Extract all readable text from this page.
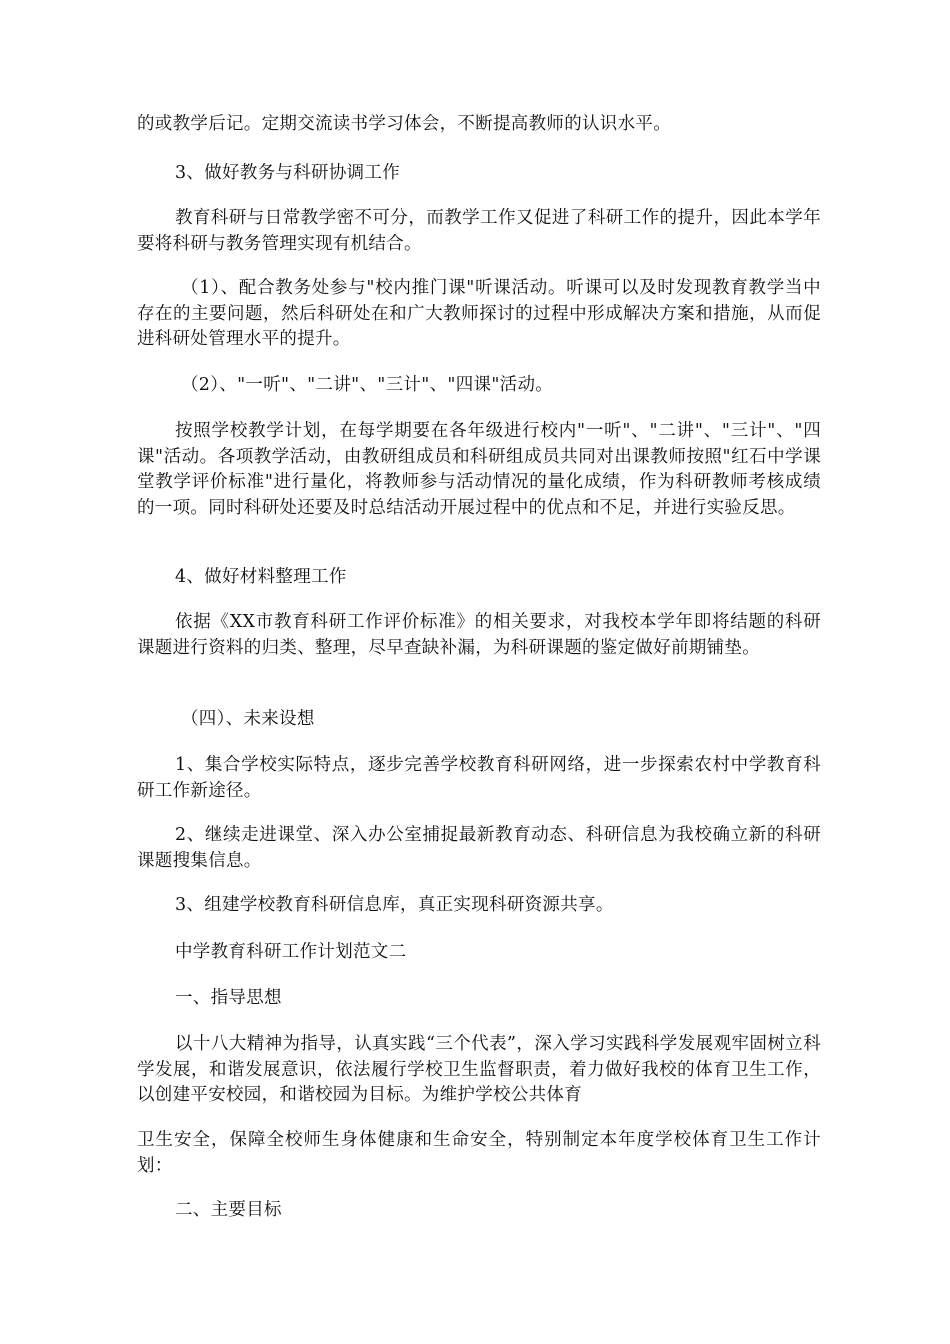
的或教学后记。定期交流读书学习体会，不断提高教师的认识水平。

3、做好教务与科研协调工作

教育科研与日常教学密不可分，而教学工作又促进了科研工作的提升，因此本学年要将科研与教务管理实现有机结合。

（1）、配合教务处参与"校内推门课"听课活动。听课可以及时发现教育教学当中存在的主要问题，然后科研处在和广大教师探讨的过程中形成解决方案和措施，从而促进科研处管理水平的提升。

（2）、"一听"、"二讲"、"三计"、"四课"活动。

按照学校教学计划，在每学期要在各年级进行校内"一听"、"二讲"、"三计"、"四课"活动。各项教学活动，由教研组成员和科研组成员共同对出课教师按照"红石中学课堂教学评价标准"进行量化，将教师参与活动情况的量化成绩，作为科研教师考核成绩的一项。同时科研处还要及时总结活动开展过程中的优点和不足，并进行实验反思。

4、做好材料整理工作

依据《XX市教育科研工作评价标准》的相关要求，对我校本学年即将结题的科研课题进行资料的归类、整理，尽早查缺补漏，为科研课题的鉴定做好前期铺垫。

（四）、未来设想

1、集合学校实际特点，逐步完善学校教育科研网络，进一步探索农村中学教育科研工作新途径。

2、继续走进课堂、深入办公室捕捉最新教育动态、科研信息为我校确立新的科研课题搜集信息。

3、组建学校教育科研信息库，真正实现科研资源共享。

中学教育科研工作计划范文二

一、指导思想

以十八大精神为指导，认真实践“三个代表”，深入学习实践科学发展观牢固树立科学发展，和谐发展意识，依法履行学校卫生监督职责，着力做好我校的体育卫生工作，以创建平安校园，和谐校园为目标。为维护学校公共体育

卫生安全，保障全校师生身体健康和生命安全，特别制定本年度学校体育卫生工作计划：

二、主要目标
